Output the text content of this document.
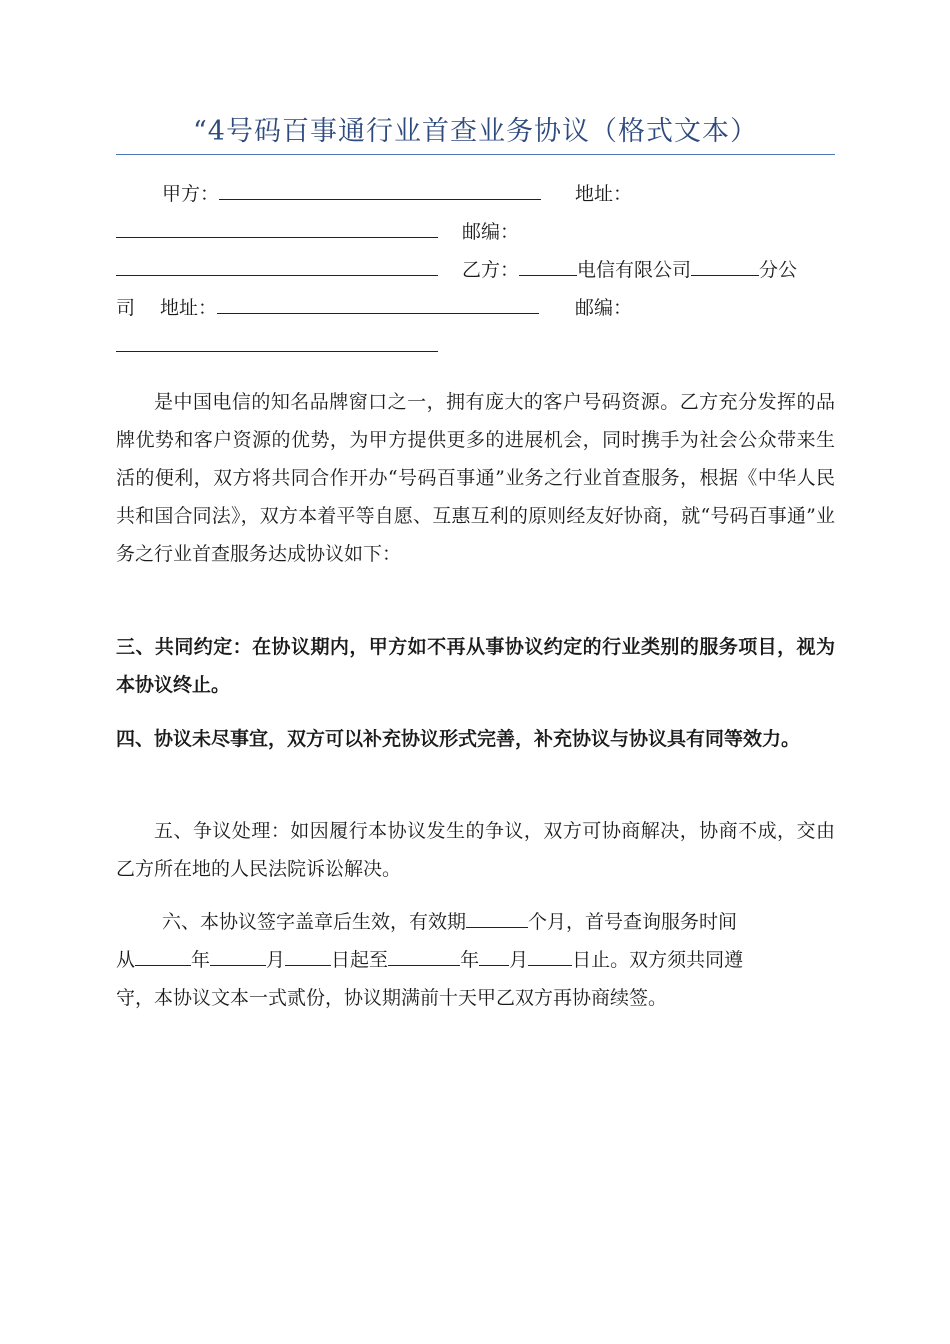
“4号码百事通行业首查业务协议（格式文本）
甲方：	地址：
邮编：
乙方：	电信有限公司	分公
司 地址：	邮编：
是中国电信的知名品牌窗口之一，拥有庞大的客户号码资源。乙方充分发挥的品牌优势和客户资源的优势，为甲方提供更多的进展机会，同时携手为社会公众带来生活的便利，双方将共同合作开办“号码百事通”业务之行业首查服务，根据《中华人民共和国合同法》，双方本着平等自愿、互惠互利的原则经友好协商，就“号码百事通”业务之行业首查服务达成协议如下：
三、共同约定：在协议期内，甲方如不再从事协议约定的行业类别的服务项目，视为本协议终止。
四、协议未尽事宜，双方可以补充协议形式完善，补充协议与协议具有同等效力。
五、争议处理：如因履行本协议发生的争议，双方可协商解决，协商不成，交由乙方所在地的人民法院诉讼解决。
六、本协议签字盖章后生效，有效期	个月，首号查询服务时间
从	年	月 日起至	年 月 日止。双方须共同遵
守，本协议文本一式贰份，协议期满前十天甲乙双方再协商续签。
